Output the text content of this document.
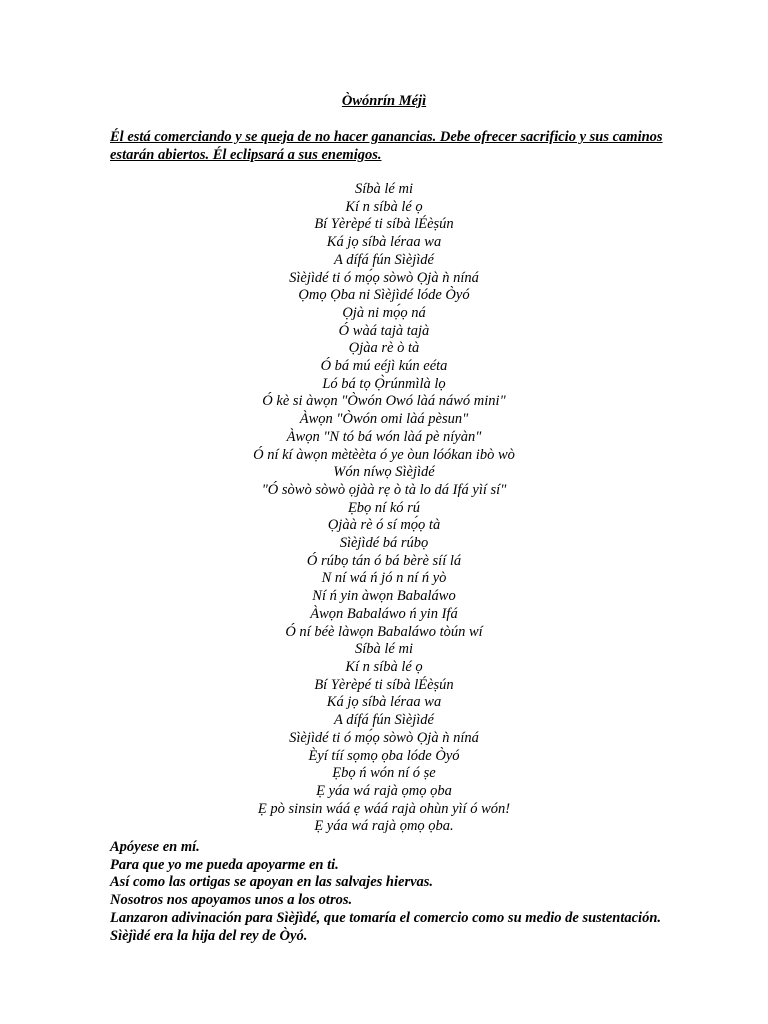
Òwónrín Méjì

Él está comerciando y se queja de no hacer ganancias. Debe ofrecer sacrificio y sus caminos estarán abiertos. Él eclipsará a sus enemigos.

Síbà lé mi
Kí n síbà lé ọ
Bí Yèrèpé ti síbà lÉèṣún
Ká jọ síbà léraa wa
A dífá fún Sìèjìdé
Sìèjìdé ti ó mọ́ọ sòwò Ọjà ǹ níná
Ọmọ Ọba ni Sìèjìdé lóde Òyó
Ọjà ni mọ́ọ ná
Ó wàá tajà tajà
Ọjàa rè ò tà
Ó bá mú eéjì kún eéta
Ló bá tọ Ọ̀rúnmìlà lọ
Ó kè si àwọn "Òwón Owó làá náwó mini"
Àwọn "Òwón omi làá pèsun"
Àwọn "N tó bá wón làá pè níyàn"
Ó ní kí àwọn mètèèta ó ye òun lóókan ibò wò
Wón níwọ Sìèjìdé
"Ó sòwò sòwò ọjàà rẹ ò tà lo dá Ifá yìí sí"
Ẹbọ ní kó rú
Ọjàà rè ó sí mọ́ọ tà
Sìèjìdé bá rúbọ
Ó rúbọ tán ó bá bèrè síí lá
N ní wá ń jó n ní ń yò
Ní ń yin àwọn Babaláwo
Àwọn Babaláwo ń yin Ifá
Ó ní béè làwọn Babaláwo tòún wí
Síbà lé mi
Kí n síbà lé ọ
Bí Yèrèpé ti síbà lÉèṣún
Ká jọ síbà léraa wa
A dífá fún Sìèjìdé
Sìèjìdé ti ó mọ́ọ sòwò Ọjà ǹ níná
Èyí tíí sọmọ ọba lóde Òyó
Ẹbọ ń wón ní ó ṣe
Ẹ yáa wá rajà ọmọ ọba
Ẹ pò sinsin wáá ẹ wáá rajà ohùn yìí ó wón!
Ẹ yáa wá rajà ọmọ ọba.
Apóyese en mí.
Para que yo me pueda apoyarme en ti.
Así como las ortigas se apoyan en las salvajes hiervas.
Nosotros nos apoyamos unos a los otros.
Lanzaron adivinación para Sìèjìdé, que tomaría el comercio como su medio de sustentación.
Sìèjìdé era la hija del rey de Òyó.
